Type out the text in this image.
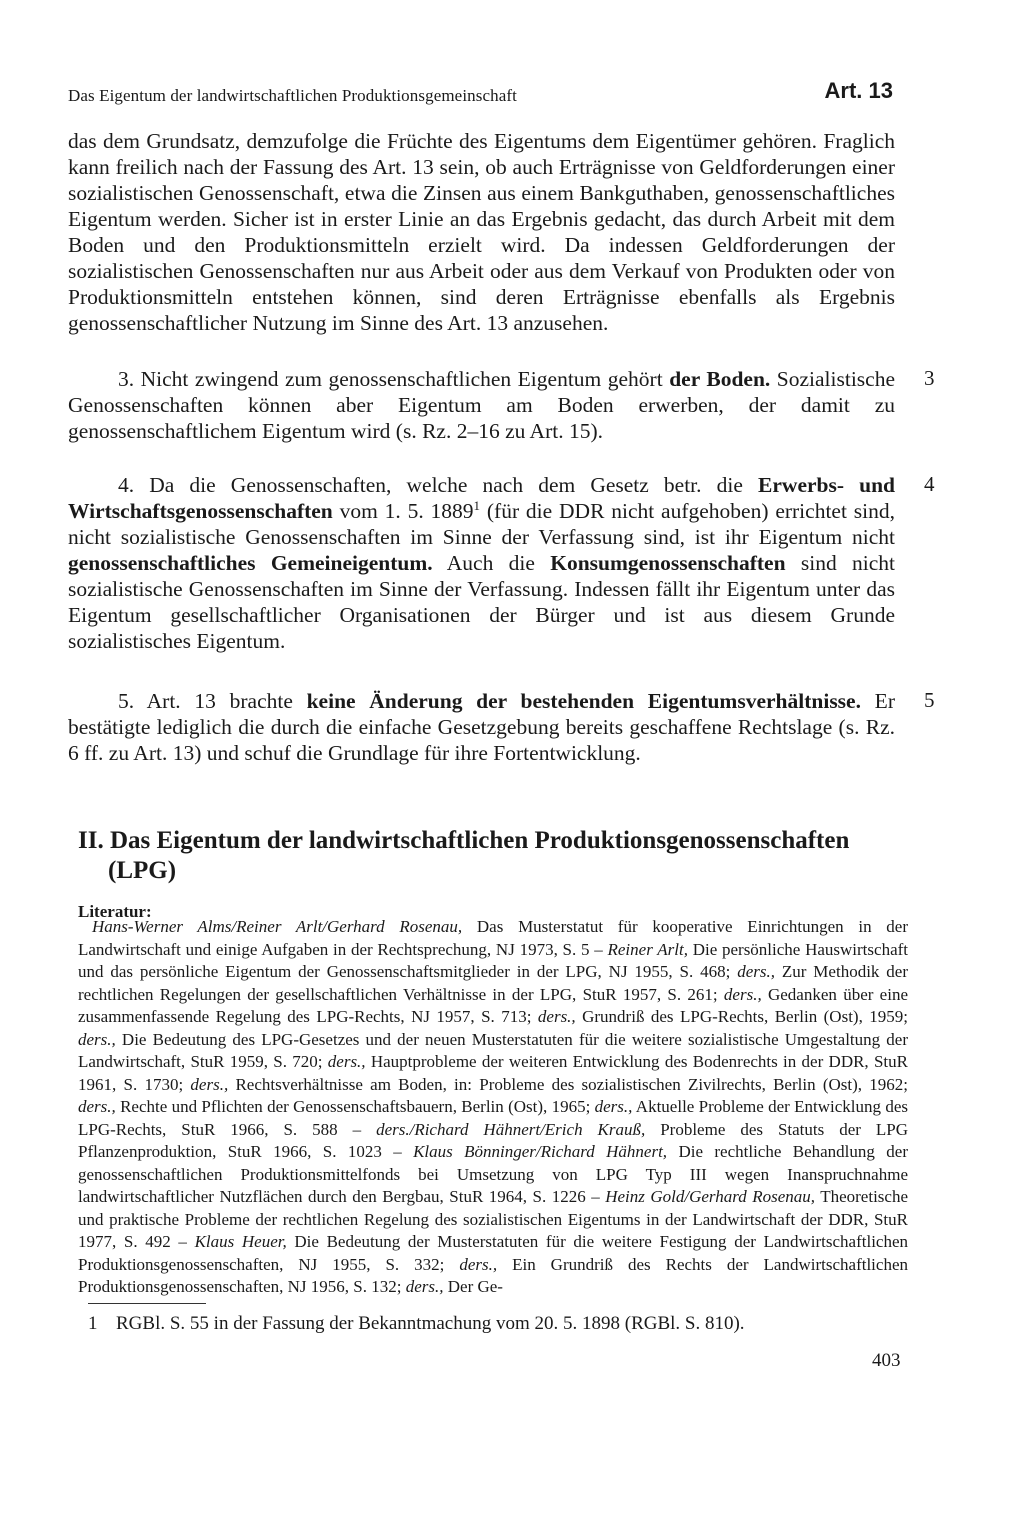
Das Eigentum der landwirtschaftlichen Produktionsgemeinschaft	Art. 13

das dem Grundsatz, demzufolge die Früchte des Eigentums dem Eigentümer gehören. Fraglich kann freilich nach der Fassung des Art. 13 sein, ob auch Erträgnisse von Geldforderungen einer sozialistischen Genossenschaft, etwa die Zinsen aus einem Bankguthaben, genossenschaftliches Eigentum werden. Sicher ist in erster Linie an das Ergebnis gedacht, das durch Arbeit mit dem Boden und den Produktionsmitteln erzielt wird. Da indessen Geldforderungen der sozialistischen Genossenschaften nur aus Arbeit oder aus dem Verkauf von Produkten oder von Produktionsmitteln entstehen können, sind deren Erträgnisse ebenfalls als Ergebnis genossenschaftlicher Nutzung im Sinne des Art. 13 anzusehen.

3

3. Nicht zwingend zum genossenschaftlichen Eigentum gehört der Boden. Sozialistische Genossenschaften können aber Eigentum am Boden erwerben, der damit zu genossenschaftlichem Eigentum wird (s. Rz. 2–16 zu Art. 15).

4

4. Da die Genossenschaften, welche nach dem Gesetz betr. die Erwerbs- und Wirtschaftsgenossenschaften vom 1. 5. 1889$^1$ (für die DDR nicht aufgehoben) errichtet sind, nicht sozialistische Genossenschaften im Sinne der Verfassung sind, ist ihr Eigentum nicht genossenschaftliches Gemeineigentum. Auch die Konsumgenossenschaften sind nicht sozialistische Genossenschaften im Sinne der Verfassung. Indessen fällt ihr Eigentum unter das Eigentum gesellschaftlicher Organisationen der Bürger und ist aus diesem Grunde sozialistisches Eigentum.

5

5. Art. 13 brachte keine Änderung der bestehenden Eigentumsverhältnisse. Er bestätigte lediglich die durch die einfache Gesetzgebung bereits geschaffene Rechtslage (s. Rz. 6 ff. zu Art. 13) und schuf die Grundlage für ihre Fortentwicklung.

II. Das Eigentum der landwirtschaftlichen Produktionsgenossenschaften
(LPG)
Literatur:

Hans-Werner Alms/Reiner Arlt/Gerhard Rosenau, Das Musterstatut für kooperative Einrichtungen in der Landwirtschaft und einige Aufgaben in der Rechtsprechung, NJ 1973, S. 5 – Reiner Arlt, Die persönliche Hauswirtschaft und das persönliche Eigentum der Genossenschaftsmitglieder in der LPG, NJ 1955, S. 468; ders., Zur Methodik der rechtlichen Regelungen der gesellschaftlichen Verhältnisse in der LPG, StuR 1957, S. 261; ders., Gedanken über eine zusammenfassende Regelung des LPG-Rechts, NJ 1957, S. 713; ders., Grundriß des LPG-Rechts, Berlin (Ost), 1959; ders., Die Bedeutung des LPG-Gesetzes und der neuen Musterstatuten für die weitere sozialistische Umgestaltung der Landwirtschaft, StuR 1959, S. 720; ders., Hauptprobleme der weiteren Entwicklung des Bodenrechts in der DDR, StuR 1961, S. 1730; ders., Rechtsverhältnisse am Boden, in: Probleme des sozialistischen Zivilrechts, Berlin (Ost), 1962; ders., Rechte und Pflichten der Genossenschaftsbauern, Berlin (Ost), 1965; ders., Aktuelle Probleme der Entwicklung des LPG-Rechts, StuR 1966, S. 588 – ders./Richard Hähnert/Erich Krauß, Probleme des Statuts der LPG Pflanzenproduktion, StuR 1966, S. 1023 – Klaus Bönninger/Richard Hähnert, Die rechtliche Behandlung der genossenschaftlichen Produktionsmittelfonds bei Umsetzung von LPG Typ III wegen Inanspruchnahme landwirtschaftlicher Nutzflächen durch den Bergbau, StuR 1964, S. 1226 – Heinz Gold/Gerhard Rosenau, Theoretische und praktische Probleme der rechtlichen Regelung des sozialistischen Eigentums in der Landwirtschaft der DDR, StuR 1977, S. 492 – Klaus Heuer, Die Bedeutung der Musterstatuten für die weitere Festigung der Landwirtschaftlichen Produktionsgenossenschaften, NJ 1955, S. 332; ders., Ein Grundriß des Rechts der Landwirtschaftlichen Produktionsgenossenschaften, NJ 1956, S. 132; ders., Der Ge-

1 RGBl. S. 55 in der Fassung der Bekanntmachung vom 20. 5. 1898 (RGBl. S. 810).
403
